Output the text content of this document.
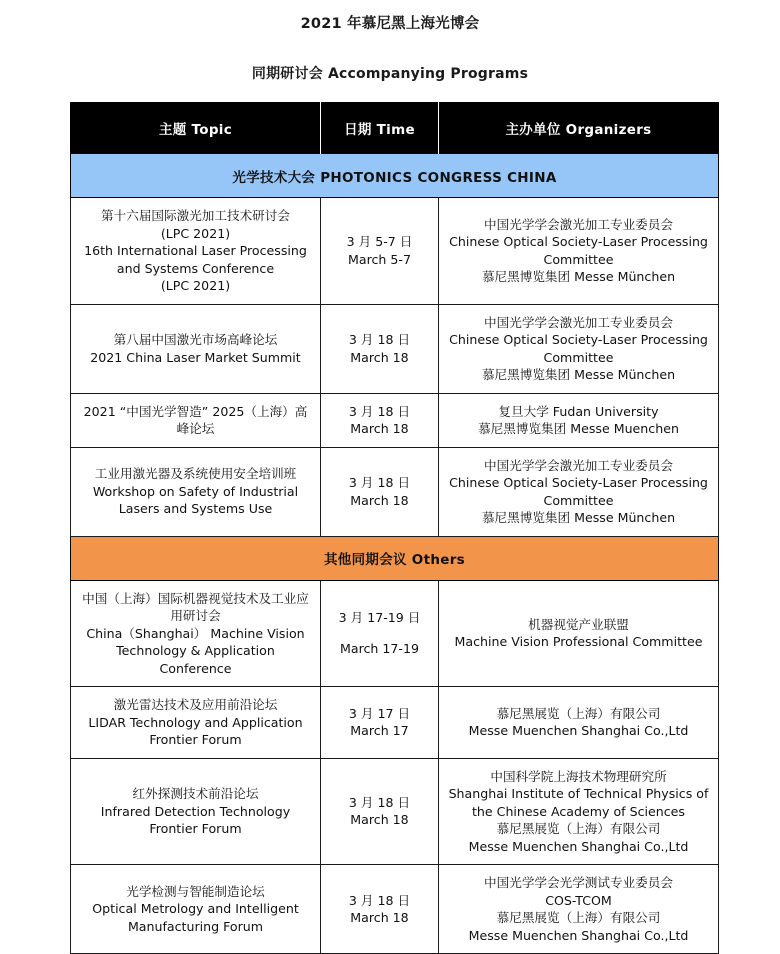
2021 年慕尼黑上海光博会
同期研讨会 Accompanying Programs
主题 Topic	日期 Time	主办单位 Organizers
光学技术大会 PHOTONICS CONGRESS CHINA		

第十六届国际激光加工技术研讨会
(LPC 2021)
16th International Laser Processing
and Systems Conference
(LPC 2021)	3 月 5-7 日
March 5-7	中国光学学会激光加工专业委员会
Chinese Optical Society-Laser Processing
Committee
慕尼黑博览集团 Messe München

第八届中国激光市场高峰论坛
2021 China Laser Market Summit	3 月 18 日
March 18	中国光学学会激光加工专业委员会
Chinese Optical Society-Laser Processing
Committee
慕尼黑博览集团 Messe München

2021 “中国光学智造” 2025（上海）高
峰论坛	3 月 18 日
March 18	复旦大学 Fudan University
慕尼黑博览集团 Messe Muenchen

工业用激光器及系统使用安全培训班
Workshop on Safety of Industrial
Lasers and Systems Use	3 月 18 日
March 18	中国光学学会激光加工专业委员会
Chinese Optical Society-Laser Processing
Committee
慕尼黑博览集团 Messe München

其他同期会议 Others		

中国（上海）国际机器视觉技术及工业应
用研讨会
China（Shanghai） Machine Vision
Technology & Application Conference	3 月 17-19 日
March 17-19	机器视觉产业联盟
Machine Vision Professional Committee

激光雷达技术及应用前沿论坛
LIDAR Technology and Application
Frontier Forum	3 月 17 日
March 17	慕尼黑展览（上海）有限公司
Messe Muenchen Shanghai Co.,Ltd

红外探测技术前沿论坛
Infrared Detection Technology
Frontier Forum	3 月 18 日
March 18	中国科学院上海技术物理研究所
Shanghai Institute of Technical Physics of
the Chinese Academy of Sciences
慕尼黑展览（上海）有限公司
Messe Muenchen Shanghai Co.,Ltd

光学检测与智能制造论坛
Optical Metrology and Intelligent
Manufacturing Forum	3 月 18 日
March 18	中国光学学会光学测试专业委员会
COS-TCOM
慕尼黑展览（上海）有限公司
Messe Muenchen Shanghai Co.,Ltd
